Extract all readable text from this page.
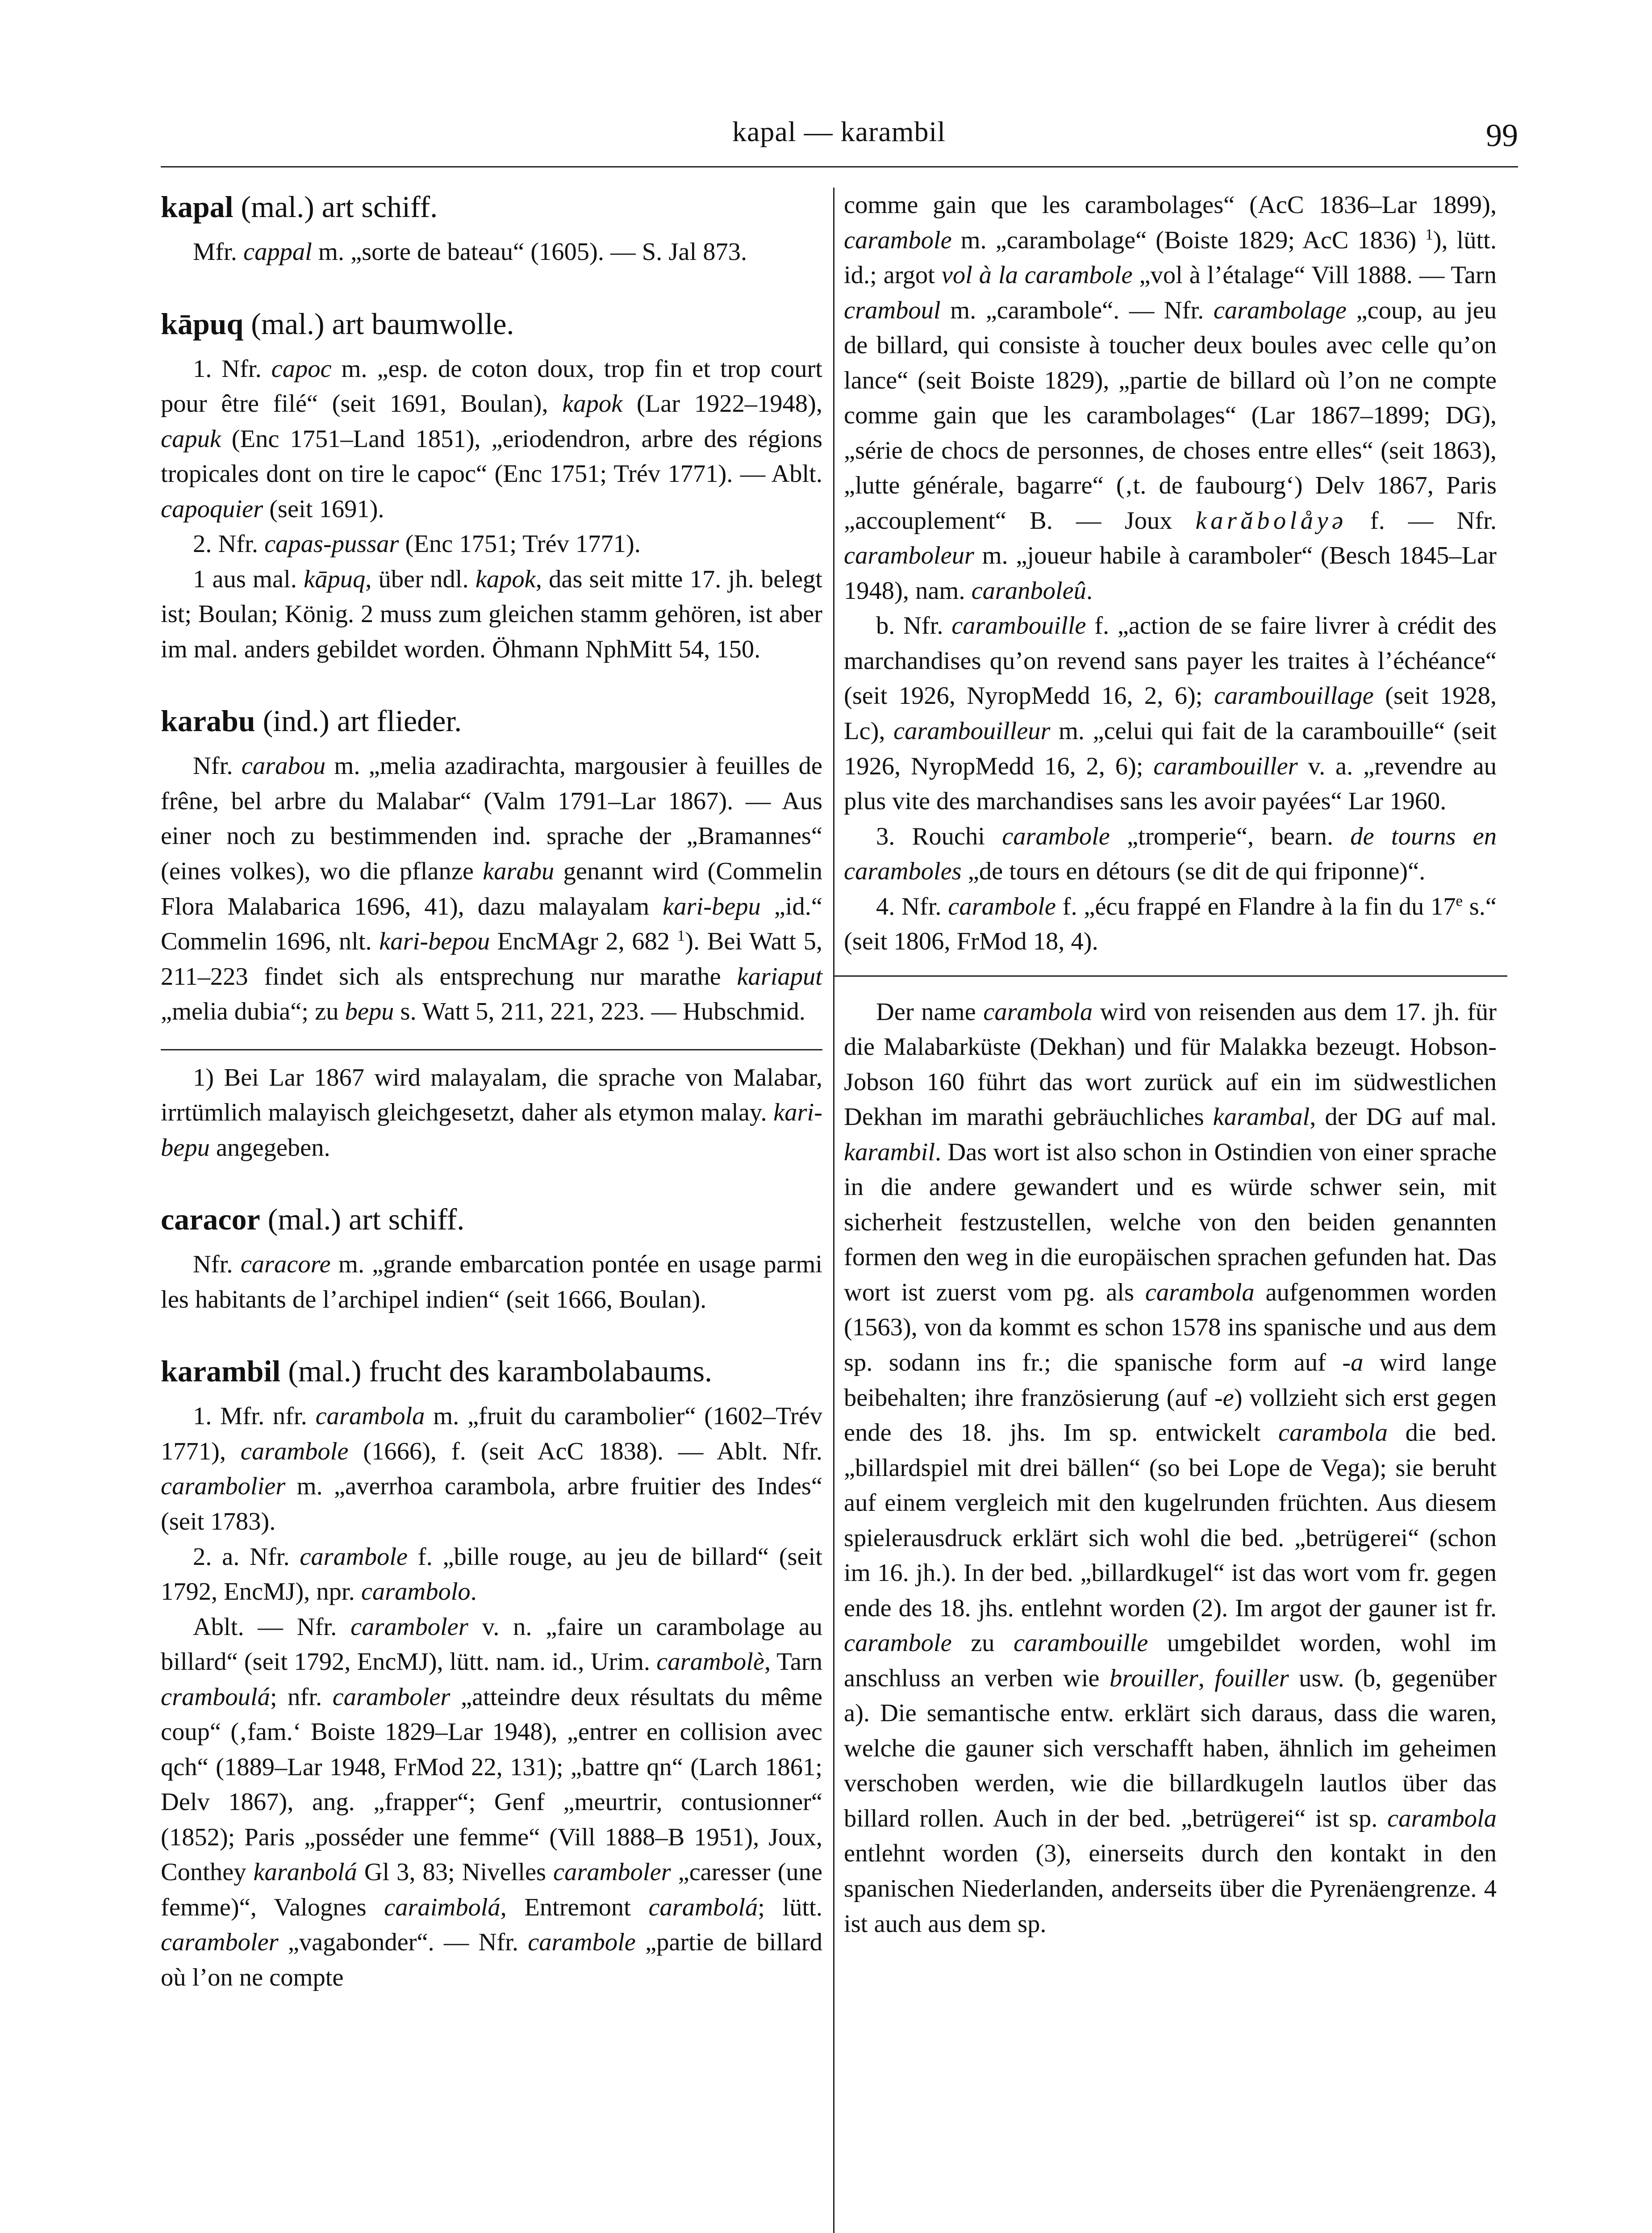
kapal — karambil	99
kapal (mal.) art schiff.

Mfr. cappal m. „sorte de bateau“ (1605). — S. Jal 873.

kāpuq (mal.) art baumwolle.

1. Nfr. capoc m. „esp. de coton doux, trop fin et trop court pour être filé“ (seit 1691, Boulan), kapok (Lar 1922–1948), capuk (Enc 1751–Land 1851), „eriodendron, arbre des régions tropicales dont on tire le capoc“ (Enc 1751; Trév 1771). — Ablt. capoquier (seit 1691).

2. Nfr. capas-pussar (Enc 1751; Trév 1771).

1 aus mal. kāpuq, über ndl. kapok, das seit mitte 17. jh. belegt ist; Boulan; König. 2 muss zum gleichen stamm gehören, ist aber im mal. anders gebildet worden. Öhmann NphMitt 54, 150.

karabu (ind.) art flieder.

Nfr. carabou m. „melia azadirachta, margousier à feuilles de frêne, bel arbre du Malabar“ (Valm 1791–Lar 1867). — Aus einer noch zu bestimmenden ind. sprache der „Bramannes“ (eines volkes), wo die pflanze karabu genannt wird (Commelin Flora Malabarica 1696, 41), dazu malayalam kari-bepu „id.“ Commelin 1696, nlt. kari-bepou EncMAgr 2, 682 $^1$). Bei Watt 5, 211–223 findet sich als entsprechung nur marathe kariaput „melia dubia“; zu bepu s. Watt 5, 211, 221, 223. — Hubschmid.

1) Bei Lar 1867 wird malayalam, die sprache von Malabar, irrtümlich malayisch gleichgesetzt, daher als etymon malay. kari-bepu angegeben.

caracor (mal.) art schiff.

Nfr. caracore m. „grande embarcation pontée en usage parmi les habitants de l’archipel indien“ (seit 1666, Boulan).

karambil (mal.) frucht des karambolabaums.

1. Mfr. nfr. carambola m. „fruit du carambolier“ (1602–Trév 1771), carambole (1666), f. (seit AcC 1838). — Ablt. Nfr. carambolier m. „averrhoa carambola, arbre fruitier des Indes“ (seit 1783).

2. a. Nfr. carambole f. „bille rouge, au jeu de billard“ (seit 1792, EncMJ), npr. carambolo.

Ablt. — Nfr. caramboler v. n. „faire un carambolage au billard“ (seit 1792, EncMJ), lütt. nam. id., Urim. carambolè, Tarn cramboulá; nfr. caramboler „atteindre deux résultats du même coup“ (‚fam.‘ Boiste 1829–Lar 1948), „entrer en collision avec qch“ (1889–Lar 1948, FrMod 22, 131); „battre qn“ (Larch 1861; Delv 1867), ang. „frapper“; Genf „meurtrir, contusionner“ (1852); Paris „posséder une femme“ (Vill 1888–B 1951), Joux, Conthey karanbolá Gl 3, 83; Nivelles caramboler „caresser (une femme)“, Valognes caraimbolá, Entremont carambolá; lütt. caramboler „vagabonder“. — Nfr. carambole „partie de billard où l’on ne compte

comme gain que les carambolages“ (AcC 1836–Lar 1899), carambole m. „carambolage“ (Boiste 1829; AcC 1836) $^1$), lütt. id.; argot vol à la carambole „vol à l’étalage“ Vill 1888. — Tarn cramboul m. „carambole“. — Nfr. carambolage „coup, au jeu de billard, qui consiste à toucher deux boules avec celle qu’on lance“ (seit Boiste 1829), „partie de billard où l’on ne compte comme gain que les carambolages“ (Lar 1867–1899; DG), „série de chocs de personnes, de choses entre elles“ (seit 1863), „lutte générale, bagarre“ (‚t. de faubourg‘) Delv 1867, Paris „accouplement“ B. — Joux karăbolåyə f. — Nfr. caramboleur m. „joueur habile à caramboler“ (Besch 1845–Lar 1948), nam. caranboleû.

b. Nfr. carambouille f. „action de se faire livrer à crédit des marchandises qu’on revend sans payer les traites à l’échéance“ (seit 1926, NyropMedd 16, 2, 6); carambouillage (seit 1928, Lc), carambouilleur m. „celui qui fait de la carambouille“ (seit 1926, NyropMedd 16, 2, 6); carambouiller v. a. „revendre au plus vite des marchandises sans les avoir payées“ Lar 1960.

3. Rouchi carambole „tromperie“, bearn. de tourns en caramboles „de tours en détours (se dit de qui friponne)“.

4. Nfr. carambole f. „écu frappé en Flandre à la fin du 17e s.“ (seit 1806, FrMod 18, 4).

Der name carambola wird von reisenden aus dem 17. jh. für die Malabarküste (Dekhan) und für Malakka bezeugt. Hobson-Jobson 160 führt das wort zurück auf ein im südwestlichen Dekhan im marathi gebräuchliches karambal, der DG auf mal. karambil. Das wort ist also schon in Ostindien von einer sprache in die andere gewandert und es würde schwer sein, mit sicherheit festzustellen, welche von den beiden genannten formen den weg in die europäischen sprachen gefunden hat. Das wort ist zuerst vom pg. als carambola aufgenommen worden (1563), von da kommt es schon 1578 ins spanische und aus dem sp. sodann ins fr.; die spanische form auf -a wird lange beibehalten; ihre französierung (auf -e) vollzieht sich erst gegen ende des 18. jhs. Im sp. entwickelt carambola die bed. „billardspiel mit drei bällen“ (so bei Lope de Vega); sie beruht auf einem vergleich mit den kugelrunden früchten. Aus diesem spielerausdruck erklärt sich wohl die bed. „betrügerei“ (schon im 16. jh.). In der bed. „billardkugel“ ist das wort vom fr. gegen ende des 18. jhs. entlehnt worden (2). Im argot der gauner ist fr. carambole zu carambouille umgebildet worden, wohl im anschluss an verben wie brouiller, fouiller usw. (b, gegenüber a). Die semantische entw. erklärt sich daraus, dass die waren, welche die gauner sich verschafft haben, ähnlich im geheimen verschoben werden, wie die billardkugeln lautlos über das billard rollen. Auch in der bed. „betrügerei“ ist sp. carambola entlehnt worden (3), einerseits durch den kontakt in den spanischen Niederlanden, anderseits über die Pyrenäengrenze. 4 ist auch aus dem sp.
